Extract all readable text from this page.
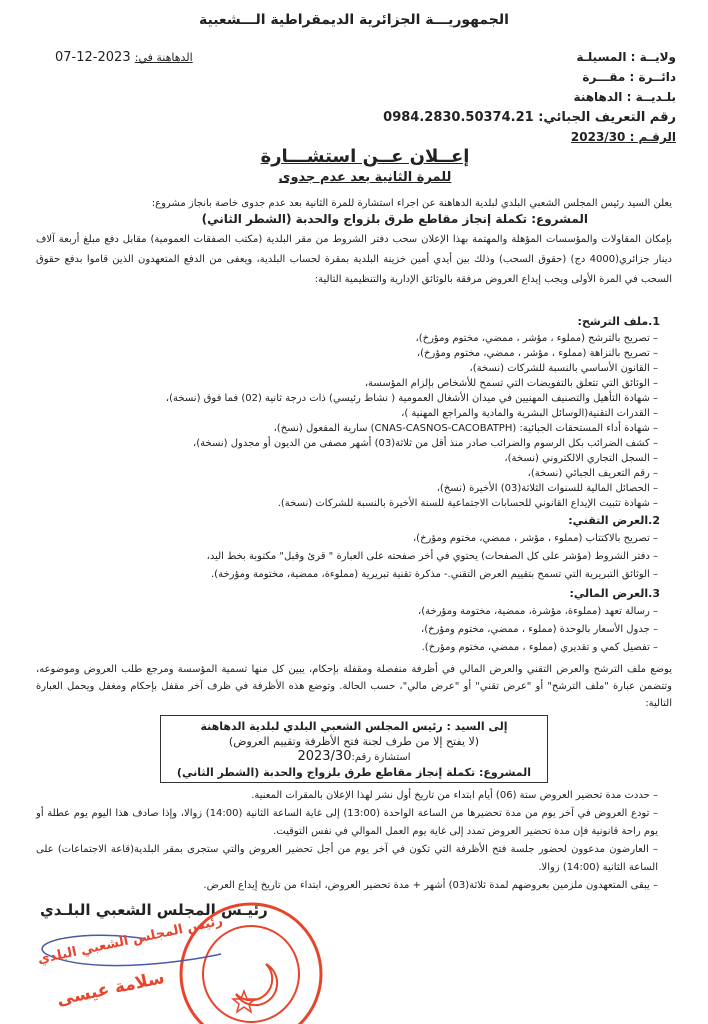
الجمهوريـــة الجزائرية الديمقراطية الـــشعبية
الدهاهنة في: 2023-12-07	ولايــة : المسيلـة
دائــرة : مقـــرة
بلـديــة : الدهاهنة
رقم التعريف الجبائي: 0984.2830.50374.21
الرقـم : 2023/30
إعــلان عــن استشـــارة
للمرة الثانية بعد عدم جدوى
يعلن السيد رئيس المجلس الشعبي البلدي لبلدية الدهاهنة عن اجراء استشارة للمرة الثانية بعد عدم جدوى خاصة بانجاز مشروع:
المشروع: تكملة إنجاز مقاطع طرق بلزواج والحدبة (الشطر الثاني)
بإمكان المقاولات والمؤسسات المؤهلة والمهتمة بهذا الإعلان سحب دفتر الشروط من مقر البلدية (مكتب الصفقات العمومية) مقابل دفع مبلغ أربعة آلاف دينار جزائري(4000 دج) (حقوق السحب) وذلك بين أيدي أمين خزينة البلدية بمقرة لحساب البلدية، ويعفى من الدفع المتعهدون الذين قاموا بدفع حقوق السحب في المرة الأولى ويجب إيداع العروض مرفقة بالوثائق الإدارية والتنظيمية التالية:
1.ملف الترشح:
– تصريح بالترشح (مملوء ، مؤشر ، ممضي، مختوم ومؤرخ)،
– تصريح بالنزاهة (مملوء ، مؤشر ، ممضي، مختوم ومؤرخ)،
– القانون الأساسي بالنسبة للشركات (نسخة)،
– الوثائق التي تتعلق بالتفويضات التي تسمح للأشخاص بإلزام المؤسسة،
– شهادة التأهيل والتصنيف المهنيين في ميدان الأشغال العمومية ( نشاط رئيسي) ذات درجة ثانية (02) فما فوق (نسخة)،
– القدرات التقنية(الوسائل البشرية والمادية والمراجع المهنية )،
– شهادة أداء المستحقات الجبائية: (CNAS-CASNOS-CACOBATPH) سارية المفعول (نسخ)،
– كشف الضرائب بكل الرسوم والضرائب صادر منذ أقل من ثلاثة(03) أشهر مصفى من الديون أو مجدول (نسخة)،
– السجل التجاري الالكتروني (نسخة)،
– رقم التعريف الجبائي (نسخة)،
– الحصائل المالية للسنوات الثلاثة(03) الأخيرة (نسخ)،
– شهادة تثبيت الإيداع القانوني للحسابات الاجتماعية للسنة الأخيرة بالنسبة للشركات (نسخة).
2.العرض التقني:
– تصريح بالاكتتاب (مملوء ، مؤشر ، ممضي، مختوم ومؤرخ)،
– دفتر الشروط (مؤشر على كل الصفحات) يحتوي في أخر صفحته على العبارة " قرئ وقبل" مكتوبة بخط اليد،
– الوثائق التبريرية التي تسمح بتقييم العرض التقني.- مذكرة تقنية تبريرية (مملوءة، ممضية، مختومة ومؤرخة).
3.العرض المالي:
– رسالة تعهد (مملوءة، مؤشرة، ممضية، مختومة ومؤرخة)،
– جدول الأسعار بالوحدة (مملوء ، ممضي، مختوم ومؤرخ)،
– تفصيل كمي و تقديري (مملوء ، ممضي، مختوم ومؤرخ).
يوضع ملف الترشح والعرض التقني والعرض المالي في أظرفة منفصلة ومقفلة بإحكام، يبين كل منها تسمية المؤسسة ومرجع طلب العروض وموضوعه، وتتضمن عبارة "ملف الترشح" أو "عرض تقني" أو "عرض مالي"، حسب الحالة. وتوضع هذه الأظرفة في ظرف آخر مقفل بإحكام ومغفل ويحمل العبارة التالية:
إلى السيد : رئيس المجلس الشعبي البلدي لبلدية الدهاهنة
(لا يفتح إلا من طرف لجنة فتح الأظرفة وتقييم العروض)
استشارة رقم:2023/30
المشروع: تكملة إنجاز مقاطع طرق بلزواج والحدبة (الشطر الثاني)
– حددت مدة تحضير العروض ستة (06) أيام ابتداء من تاريخ أول نشر لهذا الإعلان بالمقرات المعنية.
– تودع العروض في آخر يوم من مدة تحضيرها من الساعة الواحدة (13:00) إلى غاية الساعة الثانية (14:00) زوالا، وإذا صادف هذا اليوم يوم عطلة أو يوم راحة قانونية فإن مدة تحضير العروض تمدد إلى غاية يوم العمل الموالي في نفس التوقيت.
– العارضون مدعوون لحضور جلسة فتح الأظرفة التي تكون في آخر يوم من أجل تحضير العروض والتي ستجرى بمقر البلدية(قاعة الاجتماعات) على الساعة الثانية (14:00) زوالا.
– يبقى المتعهدون ملزمين بعروضهم لمدة ثلاثة(03) أشهر + مدة تحضير العروض، ابتداء من تاريخ إيداع العرض.
رئيـس المجلس الشعبي البلـدي
رئيس المجلس الشعبي البلدي
سلامة عيسى
